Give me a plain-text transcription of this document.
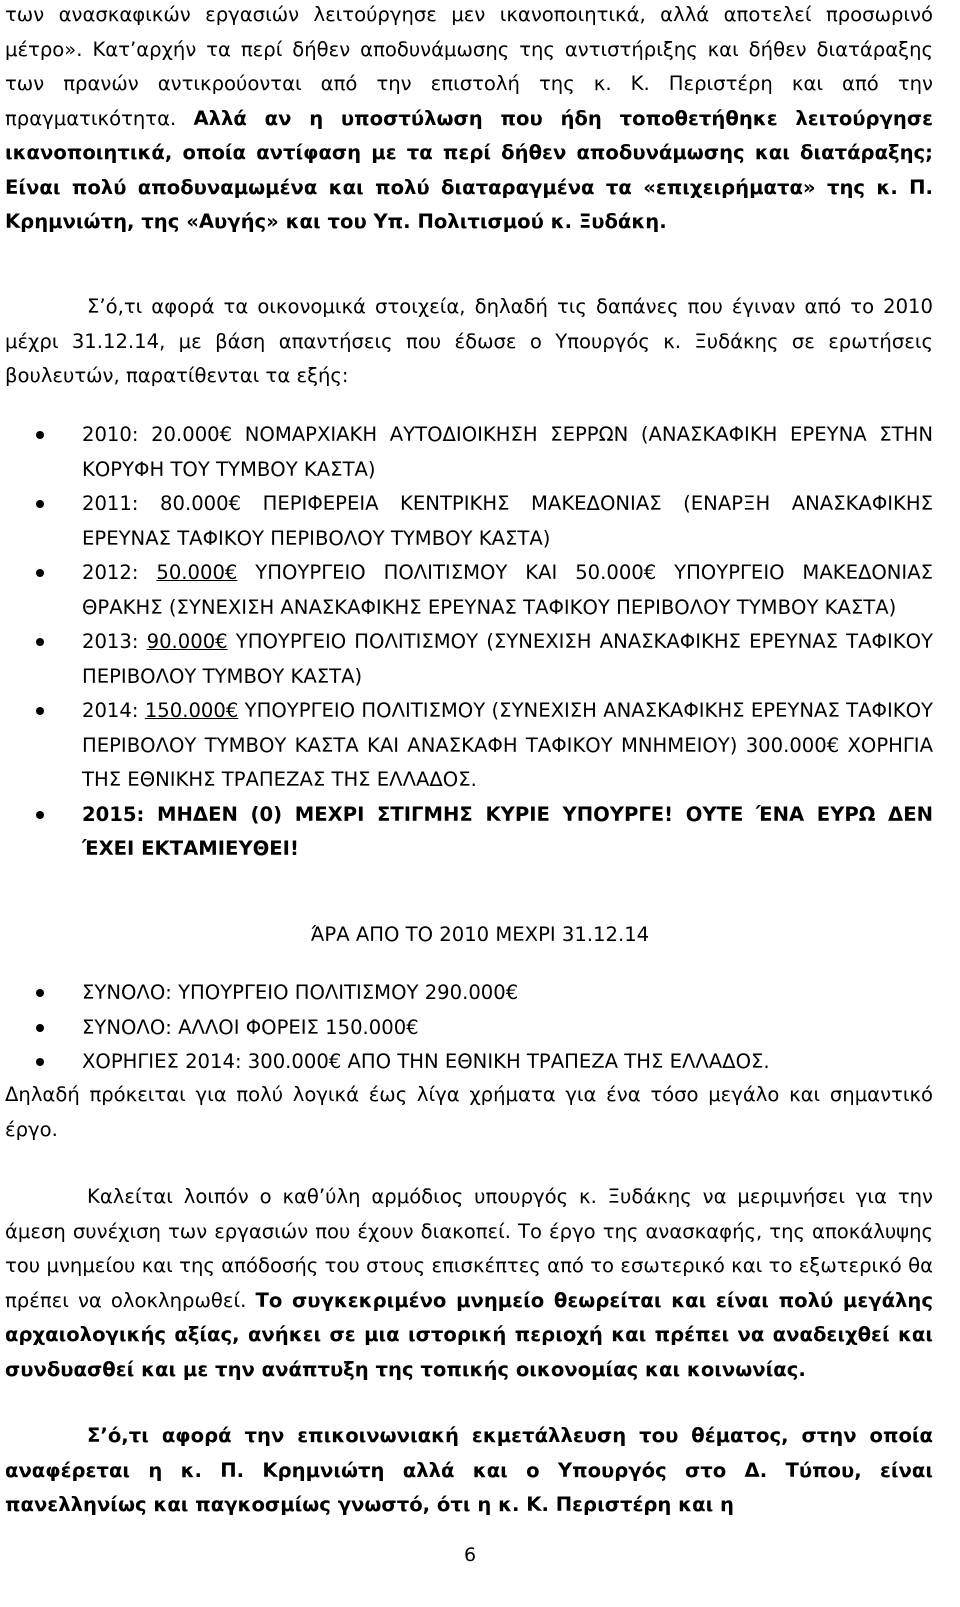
των ανασκαφικών εργασιών λειτούργησε μεν ικανοποιητικά, αλλά αποτελεί προσωρινό μέτρο». Κατ’αρχήν τα περί δήθεν αποδυνάμωσης της αντιστήριξης και δήθεν διατάραξης των πρανών αντικρούονται από την επιστολή της κ. Κ. Περιστέρη και από την πραγματικότητα. Αλλά αν η υποστύλωση που ήδη τοποθετήθηκε λειτούργησε ικανοποιητικά, οποία αντίφαση με τα περί δήθεν αποδυνάμωσης και διατάραξης; Είναι πολύ αποδυναμωμένα και πολύ διαταραγμένα τα «επιχειρήματα» της κ. Π. Κρημνιώτη, της «Αυγής» και του Υπ. Πολιτισμού κ. Ξυδάκη.

Σ’ό,τι αφορά τα οικονομικά στοιχεία, δηλαδή τις δαπάνες που έγιναν από το 2010 μέχρι 31.12.14, με βάση απαντήσεις που έδωσε ο Υπουργός κ. Ξυδάκης σε ερωτήσεις βουλευτών, παρατίθενται τα εξής:

2010: 20.000€ ΝΟΜΑΡΧΙΑΚΗ ΑΥΤΟΔΙΟΙΚΗΣΗ ΣΕΡΡΩΝ (ΑΝΑΣΚΑΦΙΚΗ ΕΡΕΥΝΑ ΣΤΗΝ ΚΟΡΥΦΗ ΤΟΥ ΤΥΜΒΟΥ ΚΑΣΤΑ)
2011: 80.000€ ΠΕΡΙΦΕΡΕΙΑ ΚΕΝΤΡΙΚΗΣ ΜΑΚΕΔΟΝΙΑΣ (ΕΝΑΡΞΗ ΑΝΑΣΚΑΦΙΚΗΣ ΕΡΕΥΝΑΣ ΤΑΦΙΚΟΥ ΠΕΡΙΒΟΛΟΥ ΤΥΜΒΟΥ ΚΑΣΤΑ)
2012: 50.000€ ΥΠΟΥΡΓΕΙΟ ΠΟΛΙΤΙΣΜΟΥ ΚΑΙ 50.000€ ΥΠΟΥΡΓΕΙΟ ΜΑΚΕΔΟΝΙΑΣ ΘΡΑΚΗΣ (ΣΥΝΕΧΙΣΗ ΑΝΑΣΚΑΦΙΚΗΣ ΕΡΕΥΝΑΣ ΤΑΦΙΚΟΥ ΠΕΡΙΒΟΛΟΥ ΤΥΜΒΟΥ ΚΑΣΤΑ)
2013: 90.000€ ΥΠΟΥΡΓΕΙΟ ΠΟΛΙΤΙΣΜΟΥ (ΣΥΝΕΧΙΣΗ ΑΝΑΣΚΑΦΙΚΗΣ ΕΡΕΥΝΑΣ ΤΑΦΙΚΟΥ ΠΕΡΙΒΟΛΟΥ ΤΥΜΒΟΥ ΚΑΣΤΑ)
2014: 150.000€ ΥΠΟΥΡΓΕΙΟ ΠΟΛΙΤΙΣΜΟΥ (ΣΥΝΕΧΙΣΗ ΑΝΑΣΚΑΦΙΚΗΣ ΕΡΕΥΝΑΣ ΤΑΦΙΚΟΥ ΠΕΡΙΒΟΛΟΥ ΤΥΜΒΟΥ ΚΑΣΤΑ ΚΑΙ ΑΝΑΣΚΑΦΗ ΤΑΦΙΚΟΥ ΜΝΗΜΕΙΟΥ) 300.000€ ΧΟΡΗΓΙΑ ΤΗΣ ΕΘΝΙΚΗΣ ΤΡΑΠΕΖΑΣ ΤΗΣ ΕΛΛΑΔΟΣ.
2015: ΜΗΔΕΝ (0) ΜΕΧΡΙ ΣΤΙΓΜΗΣ ΚΥΡΙΕ ΥΠΟΥΡΓΕ! ΟΥΤΕ ΈΝΑ ΕΥΡΩ ΔΕΝ ΈΧΕΙ ΕΚΤΑΜΙΕΥΘΕΙ!
ΆΡΑ ΑΠΟ ΤΟ 2010 ΜΕΧΡΙ 31.12.14
ΣΥΝΟΛΟ: ΥΠΟΥΡΓΕΙΟ ΠΟΛΙΤΙΣΜΟΥ 290.000€
ΣΥΝΟΛΟ: ΑΛΛΟΙ ΦΟΡΕΙΣ 150.000€
ΧΟΡΗΓΙΕΣ 2014: 300.000€ ΑΠΟ ΤΗΝ ΕΘΝΙΚΗ ΤΡΑΠΕΖΑ ΤΗΣ ΕΛΛΑΔΟΣ.

Δηλαδή πρόκειται για πολύ λογικά έως λίγα χρήματα για ένα τόσο μεγάλο και σημαντικό έργο.

Καλείται λοιπόν ο καθ’ύλη αρμόδιος υπουργός κ. Ξυδάκης να μεριμνήσει για την άμεση συνέχιση των εργασιών που έχουν διακοπεί. Το έργο της ανασκαφής, της αποκάλυψης του μνημείου και της απόδοσής του στους επισκέπτες από το εσωτερικό και το εξωτερικό θα πρέπει να ολοκληρωθεί. Το συγκεκριμένο μνημείο θεωρείται και είναι πολύ μεγάλης αρχαιολογικής αξίας, ανήκει σε μια ιστορική περιοχή και πρέπει να αναδειχθεί και συνδυασθεί και με την ανάπτυξη της τοπικής οικονομίας και κοινωνίας.

Σ’ό,τι αφορά την επικοινωνιακή εκμετάλλευση του θέματος, στην οποία αναφέρεται η κ. Π. Κρημνιώτη αλλά και ο Υπουργός στο Δ. Τύπου, είναι πανελληνίως και παγκοσμίως γνωστό, ότι η κ. Κ. Περιστέρη και η

6
